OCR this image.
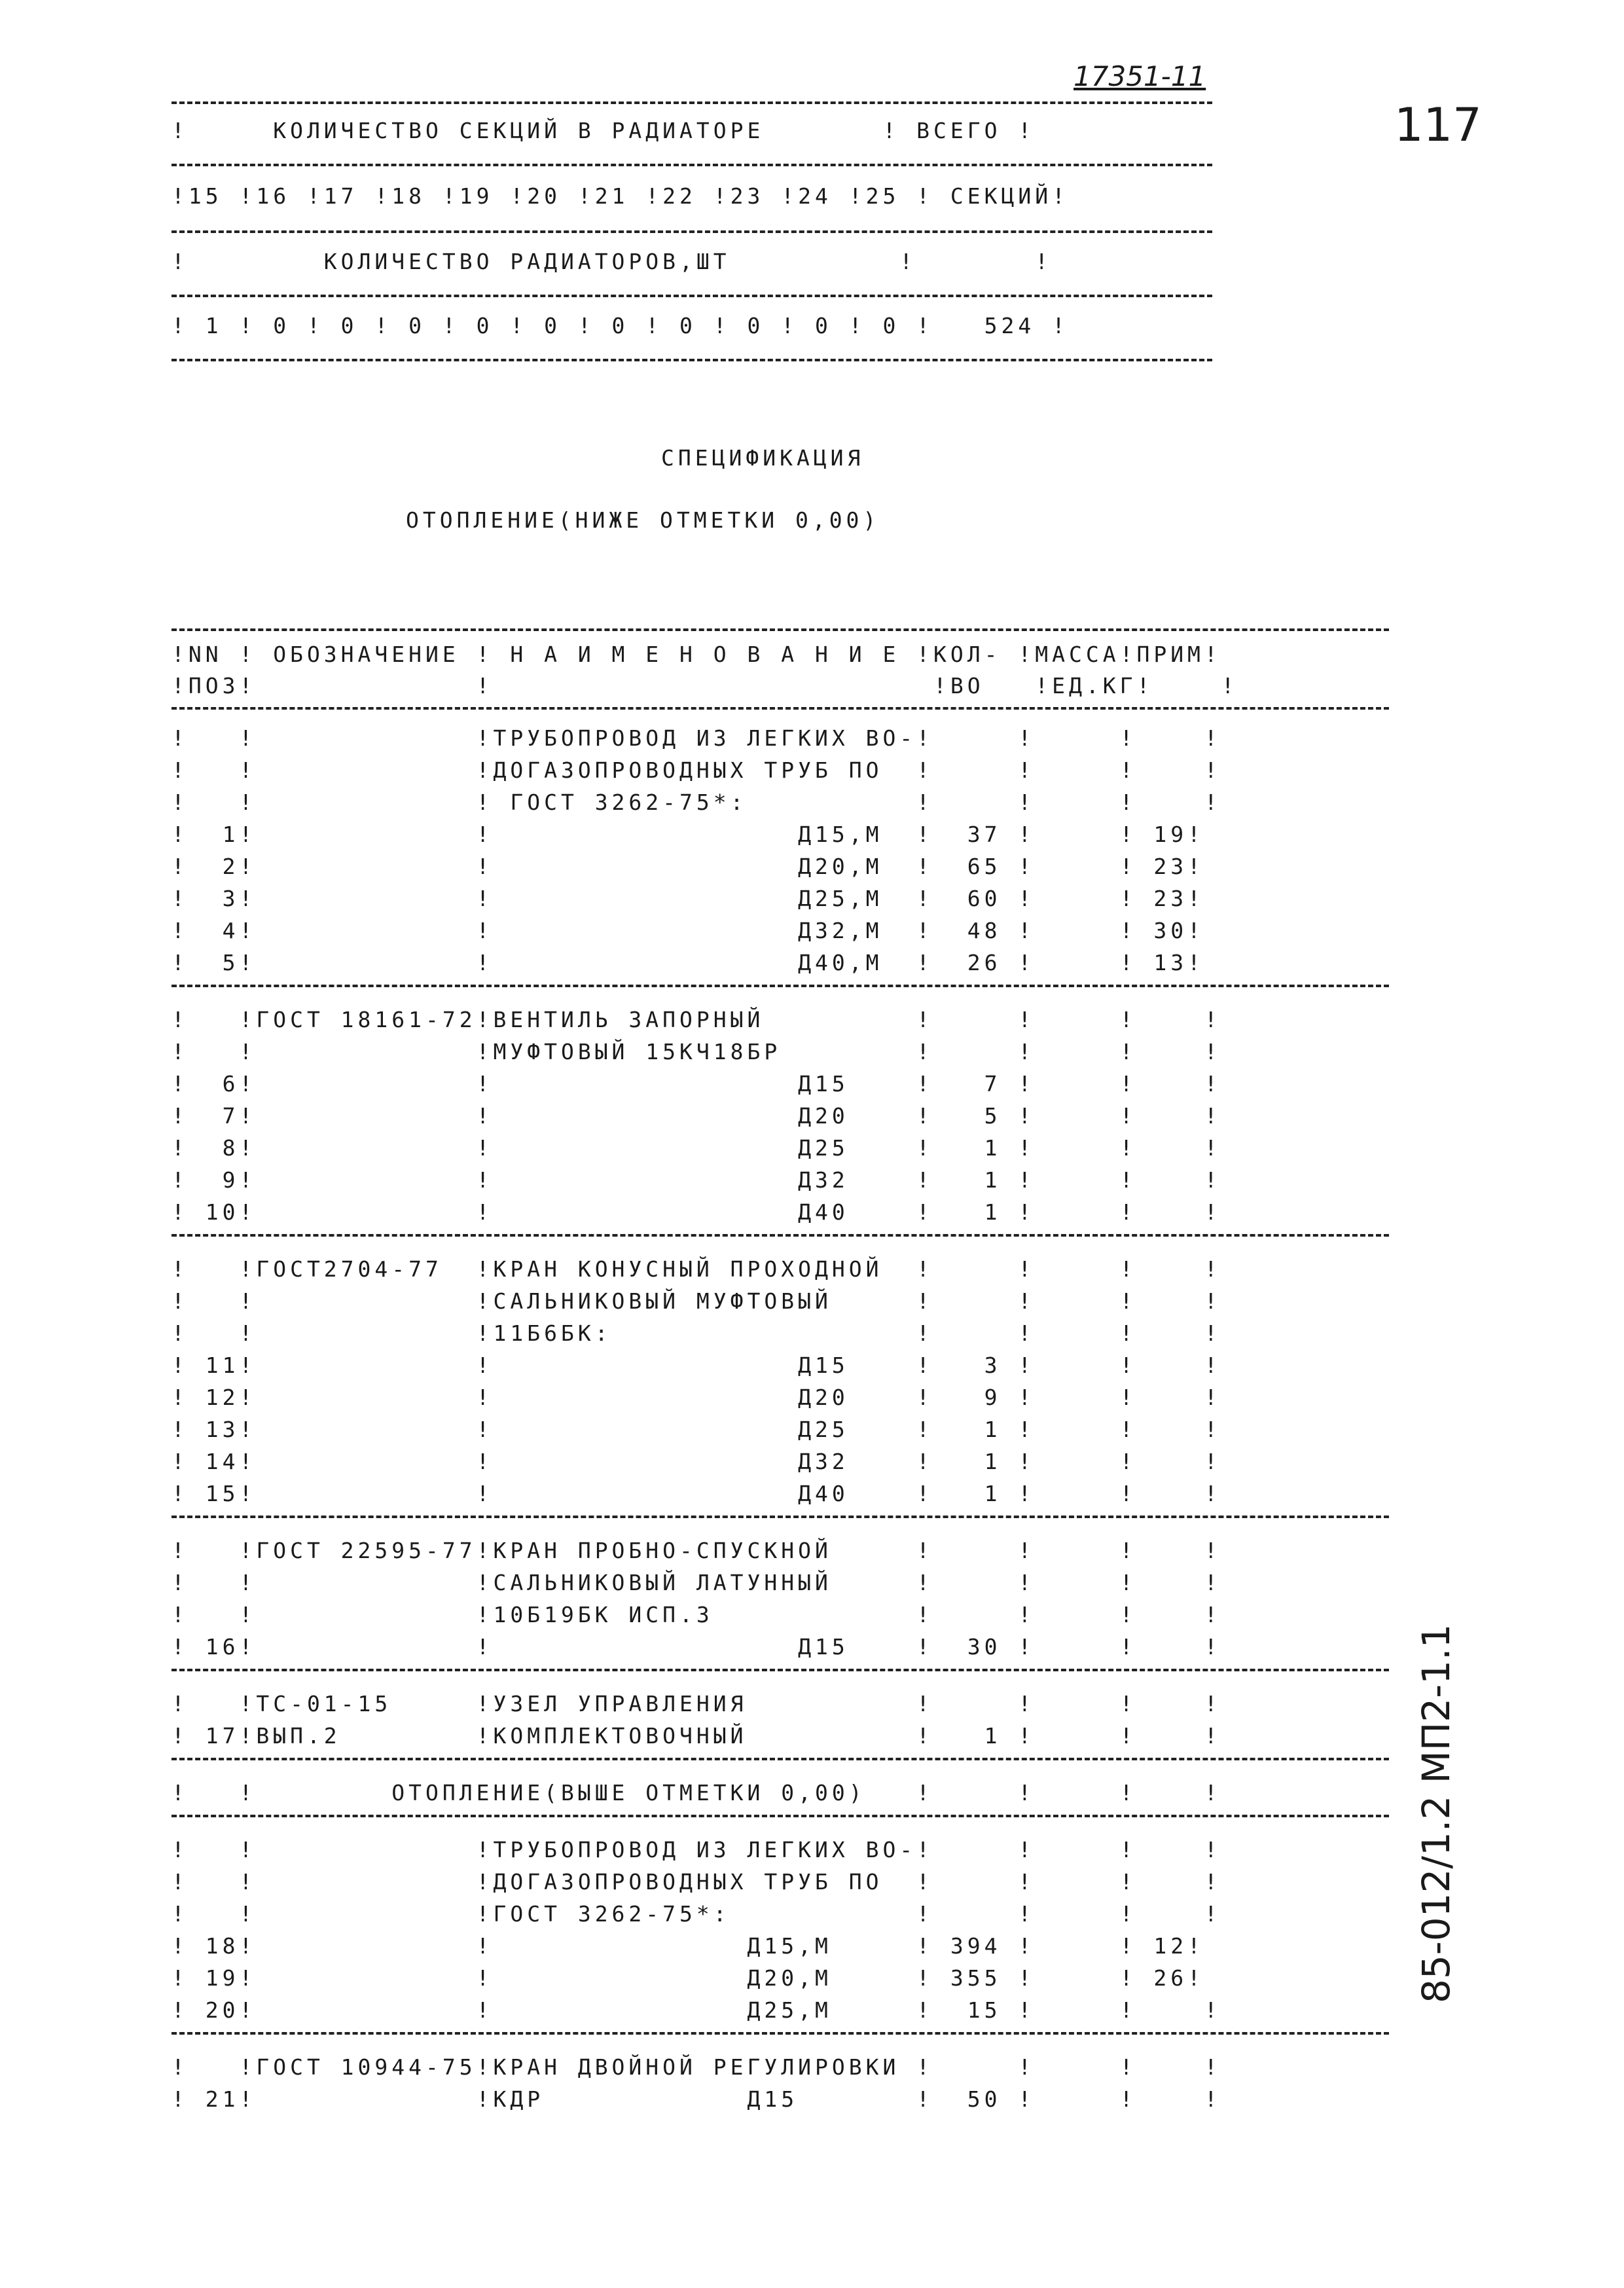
17351-11
117
!     КОЛИЧЕСТВО СЕКЦИЙ В РАДИАТОРЕ       ! ВСЕГО !
!15 !16 !17 !18 !19 !20 !21 !22 !23 !24 !25 ! СЕКЦИЙ!
!        КОЛИЧЕСТВО РАДИАТОРОВ,ШТ          !       !
! 1 ! 0 ! 0 ! 0 ! 0 ! 0 ! 0 ! 0 ! 0 ! 0 ! 0 !   524 !
СПЕЦИФИКАЦИЯ
ОТОПЛЕНИЕ(НИЖЕ ОТМЕТКИ 0,00)
!NN ! ОБОЗНАЧЕНИЕ ! Н А И М Е Н О В А Н И Е !КОЛ- !МАССА!ПРИМ!
!ПОЗ!             !                          !ВО   !ЕД.КГ!    !
!   !             !ТРУБОПРОВОД ИЗ ЛЕГКИХ ВО-!     !     !    !
!   !             !ДОГАЗОПРОВОДНЫХ ТРУБ ПО  !     !     !    !
!   !             ! ГОСТ 3262-75*:          !     !     !    !
!  1!             !                  Д15,М  !  37 !     ! 19!
!  2!             !                  Д20,М  !  65 !     ! 23!
!  3!             !                  Д25,М  !  60 !     ! 23!
!  4!             !                  Д32,М  !  48 !     ! 30!
!  5!             !                  Д40,М  !  26 !     ! 13!
!   !ГОСТ 18161-72!ВЕНТИЛЬ ЗАПОРНЫЙ         !     !     !    !
!   !             !МУФТОВЫЙ 15КЧ18БР        !     !     !    !
!  6!             !                  Д15    !   7 !     !    !
!  7!             !                  Д20    !   5 !     !    !
!  8!             !                  Д25    !   1 !     !    !
!  9!             !                  Д32    !   1 !     !    !
! 10!             !                  Д40    !   1 !     !    !
!   !ГОСТ2704-77  !КРАН КОНУСНЫЙ ПРОХОДНОЙ  !     !     !    !
!   !             !САЛЬНИКОВЫЙ МУФТОВЫЙ     !     !     !    !
!   !             !11Б6БК:                  !     !     !    !
! 11!             !                  Д15    !   3 !     !    !
! 12!             !                  Д20    !   9 !     !    !
! 13!             !                  Д25    !   1 !     !    !
! 14!             !                  Д32    !   1 !     !    !
! 15!             !                  Д40    !   1 !     !    !
!   !ГОСТ 22595-77!КРАН ПРОБНО-СПУСКНОЙ     !     !     !    !
!   !             !САЛЬНИКОВЫЙ ЛАТУННЫЙ     !     !     !    !
!   !             !10Б19БК ИСП.3            !     !     !    !
! 16!             !                  Д15    !  30 !     !    !
!   !ТС-01-15     !УЗЕЛ УПРАВЛЕНИЯ          !     !     !    !
! 17!ВЫП.2        !КОМПЛЕКТОВОЧНЫЙ          !   1 !     !    !
!   !        ОТОПЛЕНИЕ(ВЫШЕ ОТМЕТКИ 0,00)   !     !     !    !
!   !             !ТРУБОПРОВОД ИЗ ЛЕГКИХ ВО-!     !     !    !
!   !             !ДОГАЗОПРОВОДНЫХ ТРУБ ПО  !     !     !    !
!   !             !ГОСТ 3262-75*:           !     !     !    !
! 18!             !               Д15,М     ! 394 !     ! 12!
! 19!             !               Д20,М     ! 355 !     ! 26!
! 20!             !               Д25,М     !  15 !     !    !
!   !ГОСТ 10944-75!КРАН ДВОЙНОЙ РЕГУЛИРОВКИ !     !     !    !
! 21!             !КДР            Д15       !  50 !     !    !
85-012/1.2 МП2-1.1
